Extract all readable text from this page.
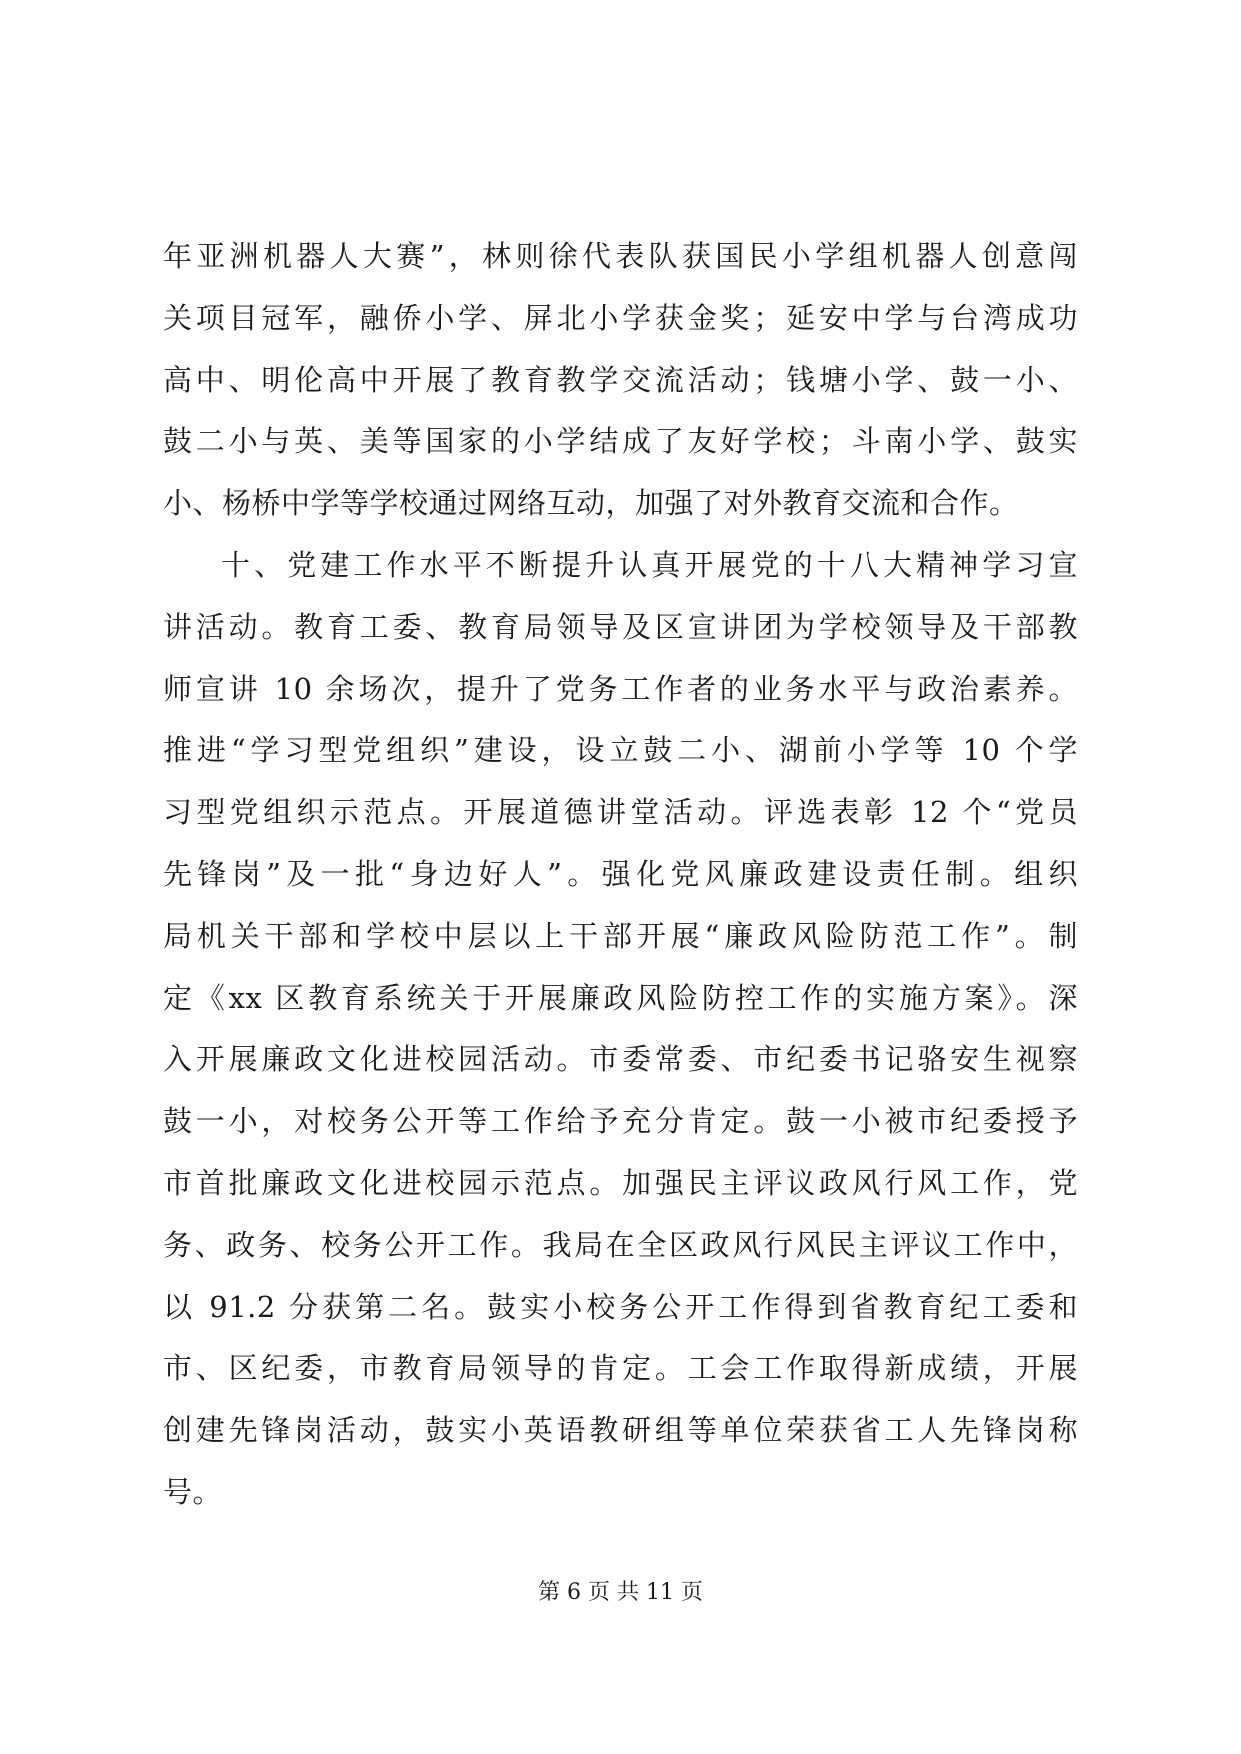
年亚洲机器人大赛”，林则徐代表队获国民小学组机器人创意闯
关项目冠军，融侨小学、屏北小学获金奖；延安中学与台湾成功
高中、明伦高中开展了教育教学交流活动；钱塘小学、鼓一小、
鼓二小与英、美等国家的小学结成了友好学校；斗南小学、鼓实
小、杨桥中学等学校通过网络互动，加强了对外教育交流和合作。
十、党建工作水平不断提升认真开展党的十八大精神学习宣
讲活动。教育工委、教育局领导及区宣讲团为学校领导及干部教
师宣讲 10 余场次，提升了党务工作者的业务水平与政治素养。
推进“学习型党组织”建设，设立鼓二小、湖前小学等 10 个学
习型党组织示范点。开展道德讲堂活动。评选表彰 12 个“党员
先锋岗”及一批“身边好人”。强化党风廉政建设责任制。组织
局机关干部和学校中层以上干部开展“廉政风险防范工作”。制
定《xx 区教育系统关于开展廉政风险防控工作的实施方案》。深
入开展廉政文化进校园活动。市委常委、市纪委书记骆安生视察
鼓一小，对校务公开等工作给予充分肯定。鼓一小被市纪委授予
市首批廉政文化进校园示范点。加强民主评议政风行风工作，党
务、政务、校务公开工作。我局在全区政风行风民主评议工作中，
以 91.2 分获第二名。鼓实小校务公开工作得到省教育纪工委和
市、区纪委，市教育局领导的肯定。工会工作取得新成绩，开展
创建先锋岗活动，鼓实小英语教研组等单位荣获省工人先锋岗称
号。
第 6 页 共 11 页
